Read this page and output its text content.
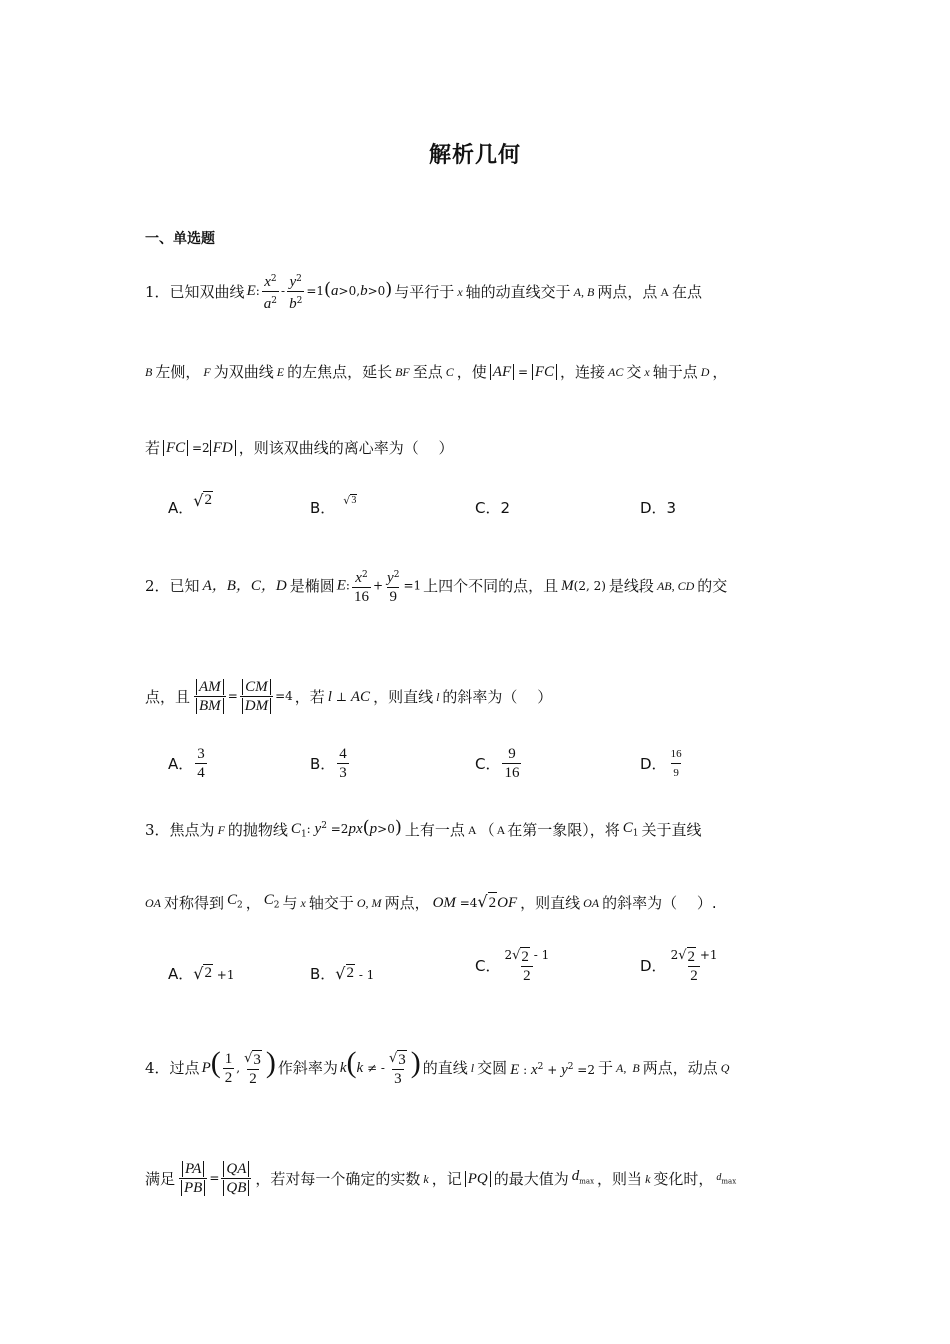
解析几何
一、单选题
1． 已知双曲线 E: $\frac{x^2}{a^2} - \frac{y^2}{b^2} =1(a>0,b>0)$ 与平行于 x 轴的动直线交于 A, B 两点，点 A 在点
B 左侧， F 为双曲线 E 的左焦点，延长 BF 至点 C ，使 AF = FC ，连接 AC 交 x 轴于点 D ，
若 FC =2 FD ，则该双曲线的离心率为（　 ）
A． √ 2	B． √ 3	C．2	D．3
2． 已知 A，B，C，D 是椭圆 E: $\frac{x^2}{16} + \frac{y^2}{9} =1$ 上四个不同的点，且 M(2, 2) 是线段 AB, CD 的交
点，且 $\frac{AM}{BM} = \frac{CM}{DM} =4$ ，若 l ⊥ AC ，则直线 l 的斜率为（　 ）
A． $\frac{3}{4}$	B． $\frac{4}{3}$	C． $\frac{9}{16}$	D． $\frac{16}{9}$
3． 焦点为 F 的抛物线 $C_1$: $y^2 =2px(p>0)$ 上有一点 A （ A 在第一象限），将 $C_1$ 关于直线
OA 对称得到 $C_2$ ， $C_2$ 与 x 轴交于 O, M 两点， OM =4 √ 2 OF ，则直线 OA 的斜率为（　 ）.
A． √ 2 +1	B． √ 2 - 1	C． $\frac{2 √ 2 - 1}{2}$	D． $\frac{2 √ 2 +1}{2}$
4． 过点 $P( \frac{1}{2}$ , $\frac{√ 3}{2}$ ) 作斜率为 k(k ≠ - $\frac{√ 3}{3}$ ) 的直线 l 交圆 E : $x^2 + y^2 =2$ 于 A, B 两点，动点 Q
满足 $\frac{PA}{PB} = \frac{QA}{QB}$ ，若对每一个确定的实数 k ，记 PQ 的最大值为 $d_{max}$ ，则当 k 变化时， $d_{max}$
